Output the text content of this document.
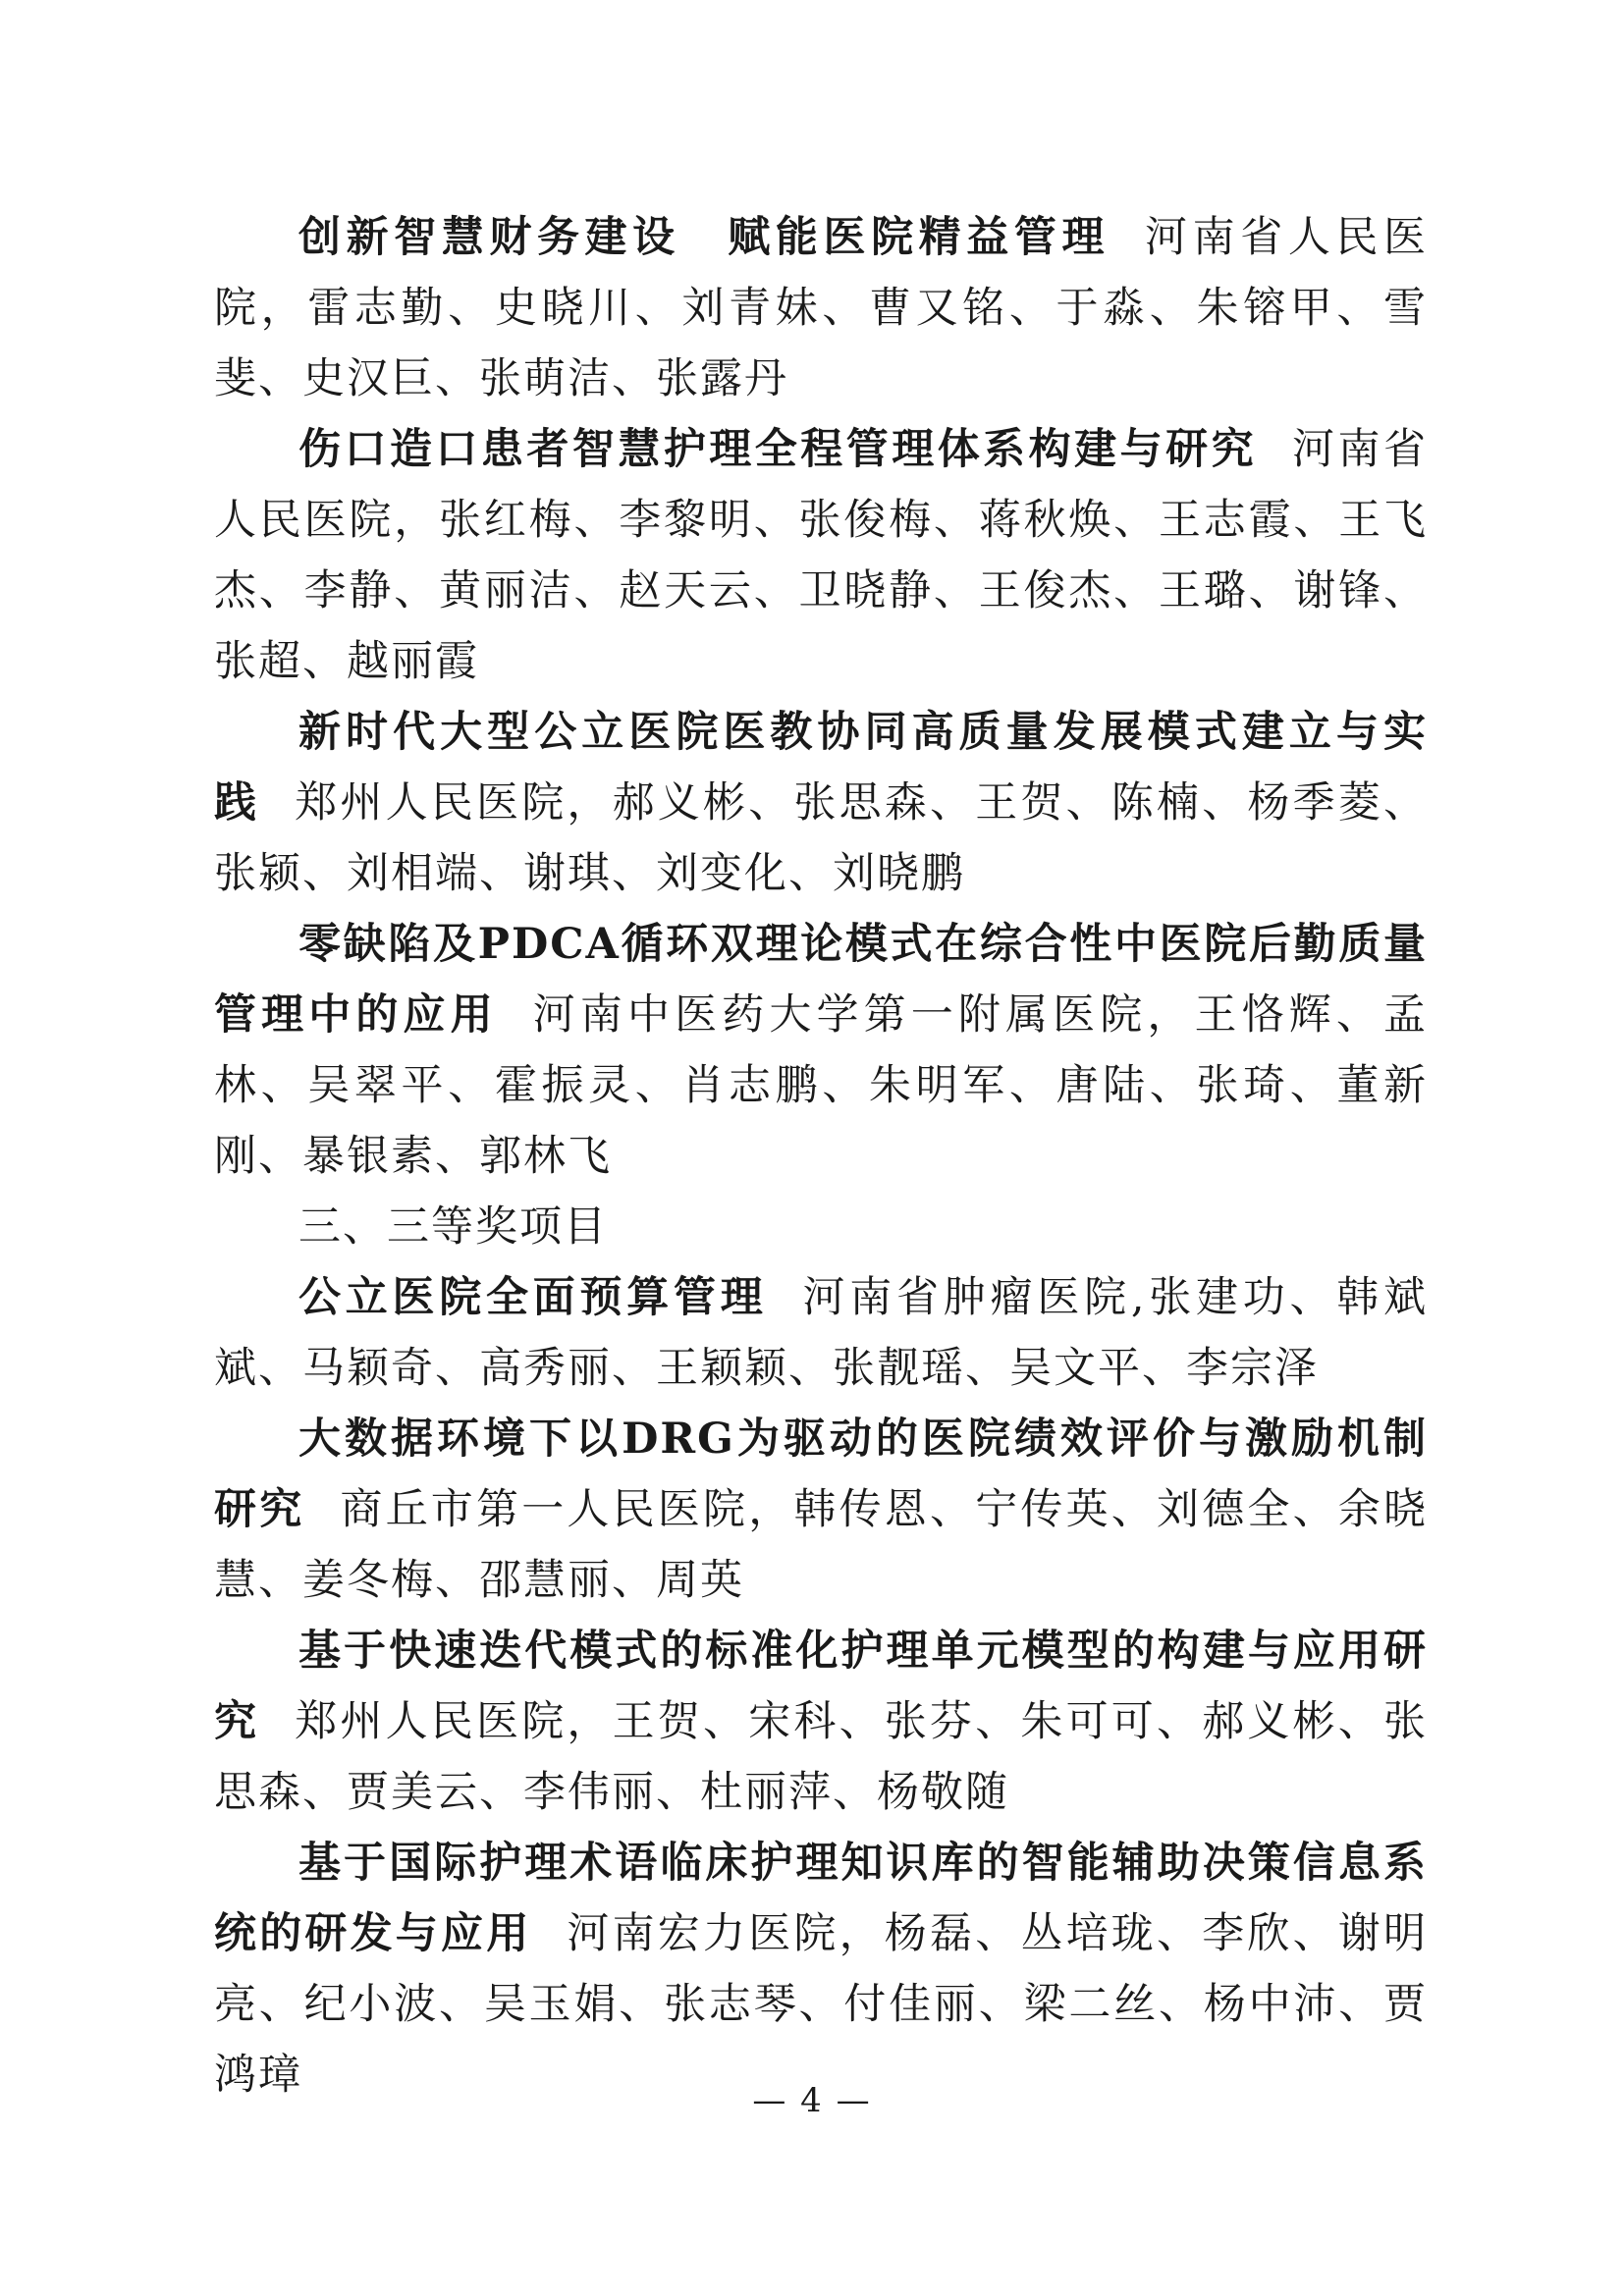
创新智慧财务建设　赋能医院精益管理 河南省人民医院，雷志勤、史晓川、刘青妹、曹又铭、于淼、朱镕甲、雪斐、史汉巨、张萌洁、张露丹

伤口造口患者智慧护理全程管理体系构建与研究 河南省人民医院，张红梅、李黎明、张俊梅、蒋秋焕、王志霞、王飞杰、李静、黄丽洁、赵天云、卫晓静、王俊杰、王璐、谢锋、张超、越丽霞

新时代大型公立医院医教协同高质量发展模式建立与实践 郑州人民医院，郝义彬、张思森、王贺、陈楠、杨季菱、张颍、刘相端、谢琪、刘变化、刘晓鹏

零缺陷及PDCA循环双理论模式在综合性中医院后勤质量管理中的应用 河南中医药大学第一附属医院，王恪辉、孟林、吴翠平、霍振灵、肖志鹏、朱明军、唐陆、张琦、董新刚、暴银素、郭林飞

三、三等奖项目

公立医院全面预算管理 河南省肿瘤医院,张建功、韩斌斌、马颖奇、高秀丽、王颖颖、张靓瑶、吴文平、李宗泽

大数据环境下以DRG为驱动的医院绩效评价与激励机制研究 商丘市第一人民医院，韩传恩、宁传英、刘德全、余晓慧、姜冬梅、邵慧丽、周英

基于快速迭代模式的标准化护理单元模型的构建与应用研究 郑州人民医院，王贺、宋科、张芬、朱可可、郝义彬、张思森、贾美云、李伟丽、杜丽萍、杨敬随

基于国际护理术语临床护理知识库的智能辅助决策信息系统的研发与应用 河南宏力医院，杨磊、丛培珑、李欣、谢明亮、纪小波、吴玉娟、张志琴、付佳丽、梁二丝、杨中沛、贾鸿璋

— 4 —
